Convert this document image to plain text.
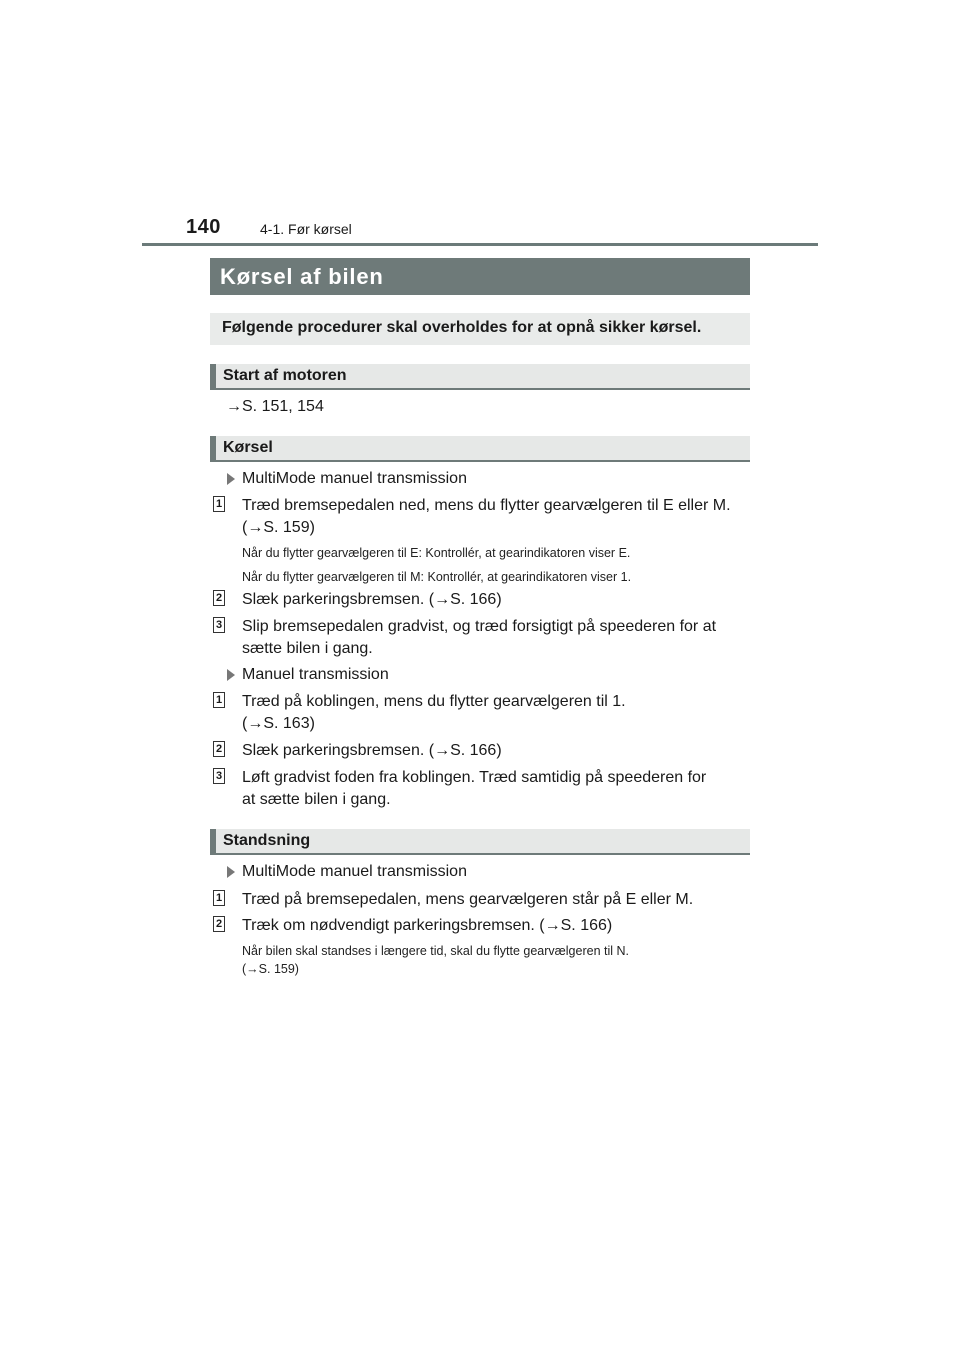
140	4-1. Før kørsel
Kørsel af bilen
Følgende procedurer skal overholdes for at opnå sikker kørsel.
Start af motoren
→S. 151, 154
Kørsel
MultiMode manuel transmission
1 Træd bremsepedalen ned, mens du flytter gearvælgeren til E eller M.
(→S. 159)
Når du flytter gearvælgeren til E: Kontrollér, at gearindikatoren viser E.
Når du flytter gearvælgeren til M: Kontrollér, at gearindikatoren viser 1.
2 Slæk parkeringsbremsen. (→S. 166)
3 Slip bremsepedalen gradvist, og træd forsigtigt på speederen for at
sætte bilen i gang.
Manuel transmission
1 Træd på koblingen, mens du flytter gearvælgeren til 1.
(→S. 163)
2 Slæk parkeringsbremsen. (→S. 166)
3 Løft gradvist foden fra koblingen. Træd samtidig på speederen for
at sætte bilen i gang.
Standsning
MultiMode manuel transmission
1 Træd på bremsepedalen, mens gearvælgeren står på E eller M.
2 Træk om nødvendigt parkeringsbremsen. (→S. 166)
Når bilen skal standses i længere tid, skal du flytte gearvælgeren til N.
(→S. 159)
